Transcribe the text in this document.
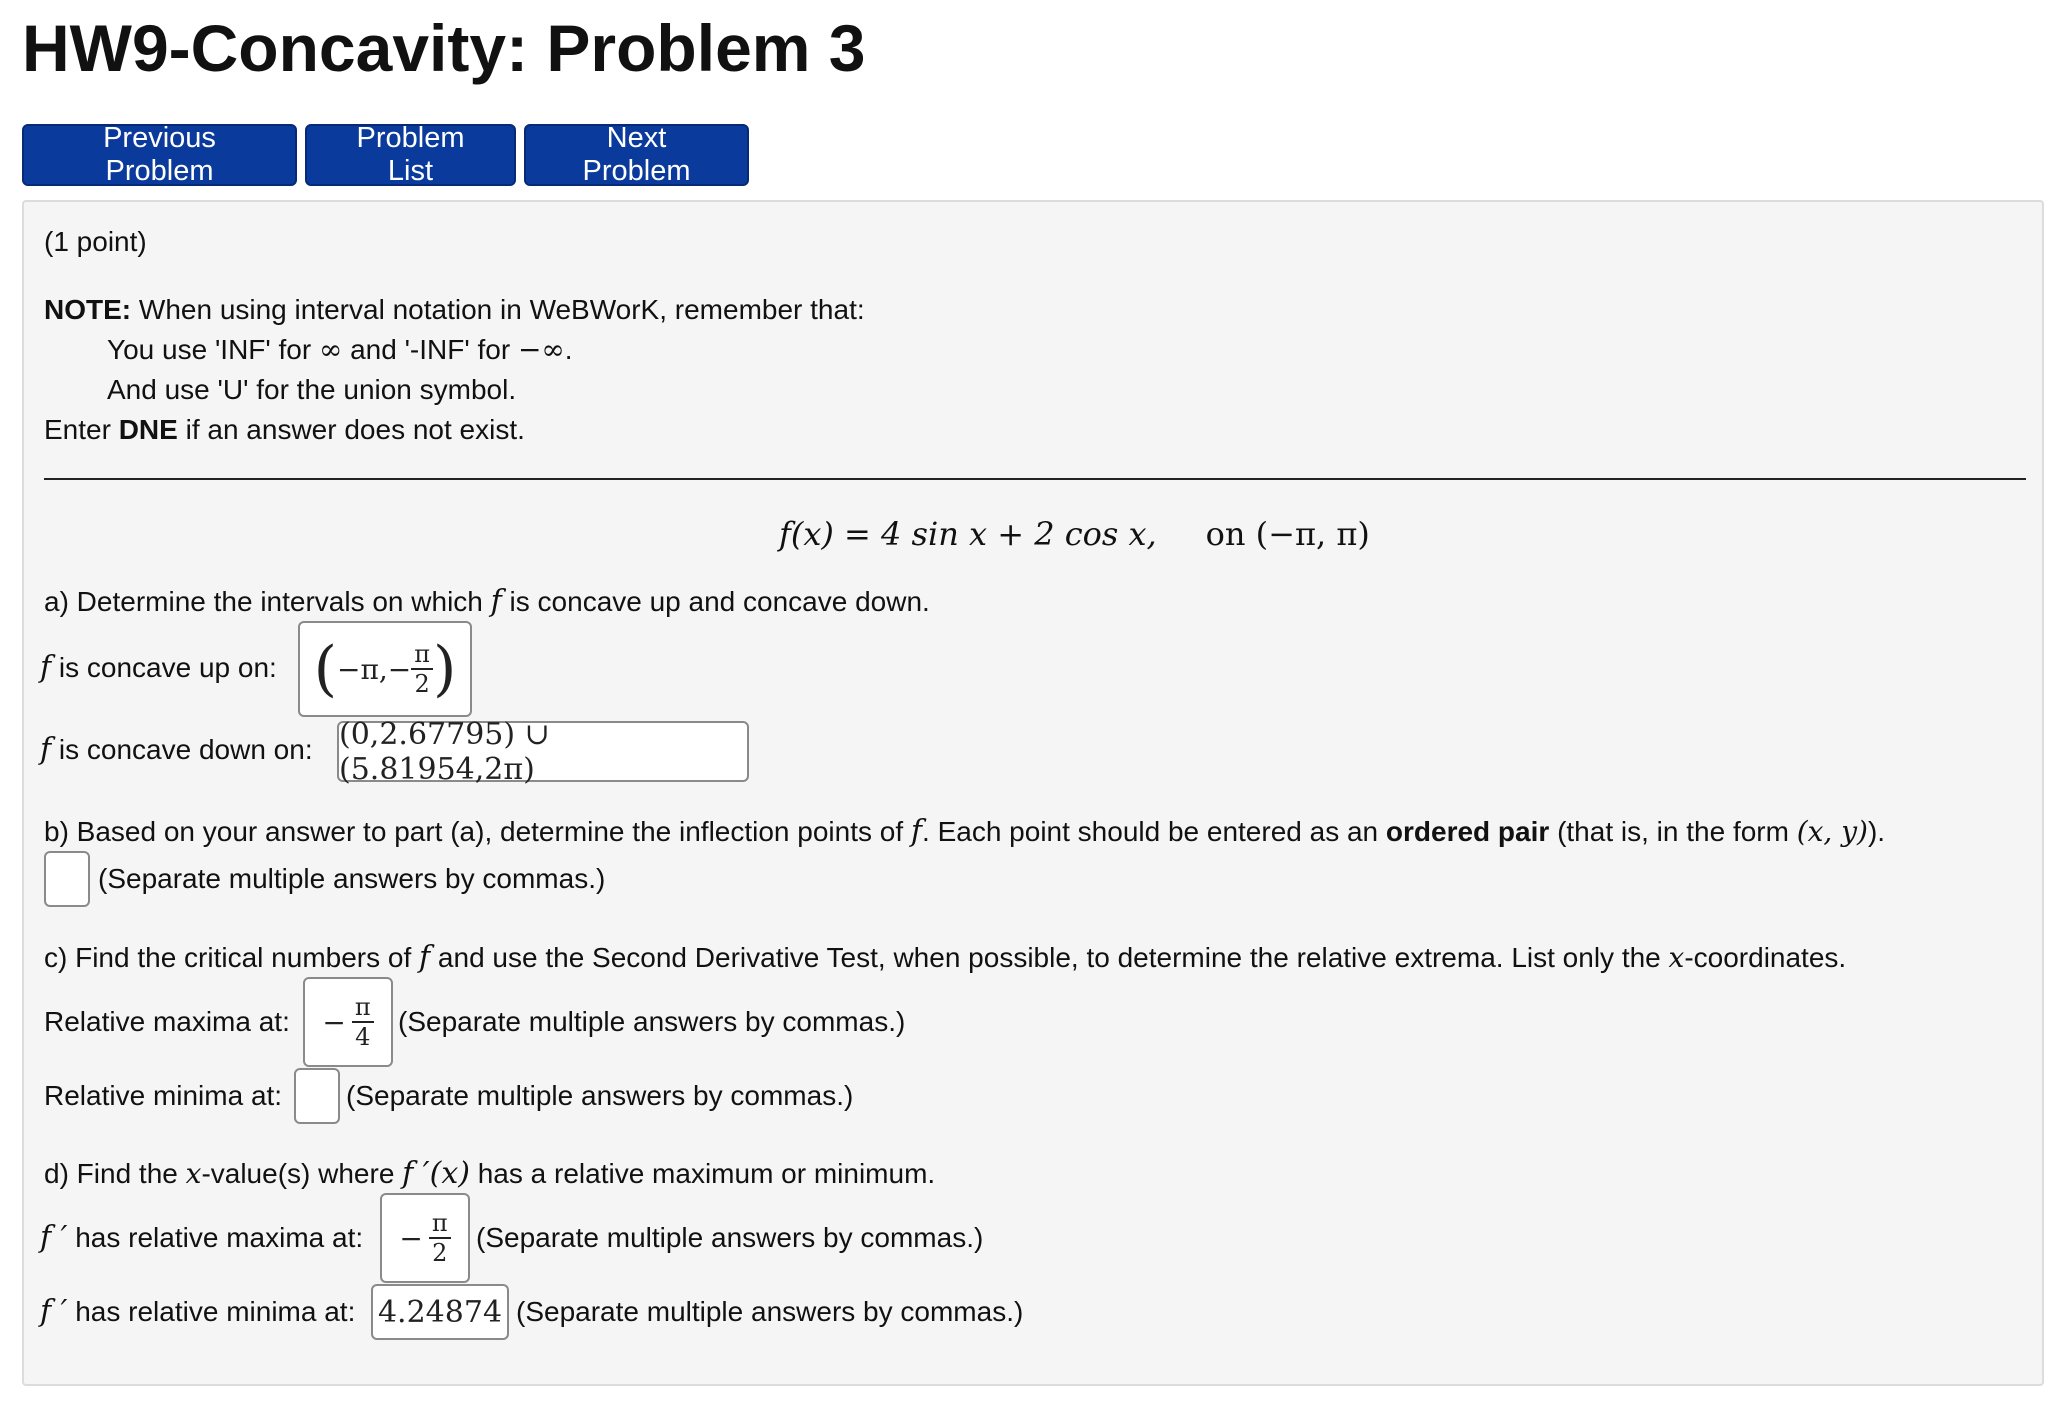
HW9-Concavity: Problem 3
Previous Problem
Problem List
Next Problem
(1 point)
NOTE: When using interval notation in WeBWorK, remember that:
You use 'INF' for ∞ and '-INF' for −∞.
And use 'U' for the union symbol.
Enter DNE if an answer does not exist.
f(x) = 4 sin x + 2 cos x, on (−π, π)
a) Determine the intervals on which f is concave up and concave down.
f is concave up on: ( $-\pi,- \frac{\pi}{2}$ )
f is concave down on: (0,2.67795) ∪ (5.81954,2π)
b) Based on your answer to part (a), determine the inflection points of f. Each point should be entered as an ordered pair (that is, in the form (x, y)).
(Separate multiple answers by commas.)
c) Find the critical numbers of f and use the Second Derivative Test, when possible, to determine the relative extrema. List only the x-coordinates.
Relative maxima at: − $\frac{\pi}{4}$ (Separate multiple answers by commas.)
Relative minima at: (Separate multiple answers by commas.)
d) Find the x-value(s) where f ′(x) has a relative maximum or minimum.
f ′ has relative maxima at: − $\frac{\pi}{2}$ (Separate multiple answers by commas.)
f ′ has relative minima at: 4.24874 (Separate multiple answers by commas.)
